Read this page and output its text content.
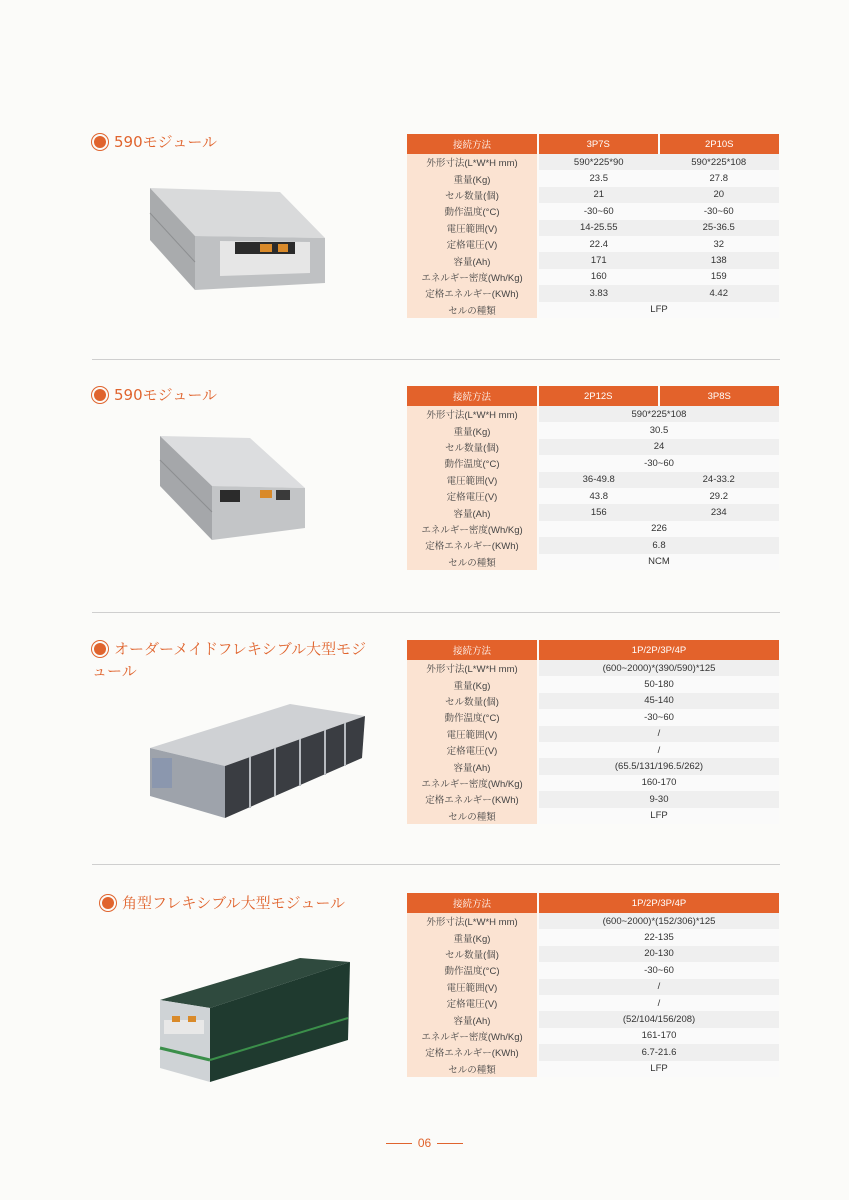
590モジュール	接続方法	3P7S	2P10S
外形寸法(L*W*H mm)	590*225*90	590*225*108
重量(Kg)	23.5	27.8
セル数量(個)	21	20
動作温度(°C)	-30~60	-30~60
電圧範囲(V)	14-25.55	25-36.5
定格電圧(V)	22.4	32
容量(Ah)	171	138
エネルギー密度(Wh/Kg)	160	159
定格エネルギー(KWh)	3.83	4.42
セルの種類	LFP	
590モジュール	接続方法	2P12S	3P8S
外形寸法(L*W*H mm)	590*225*108	
重量(Kg)	30.5	
セル数量(個)	24	
動作温度(°C)	-30~60	
電圧範囲(V)	36-49.8	24-33.2
定格電圧(V)	43.8	29.2
容量(Ah)	156	234
エネルギー密度(Wh/Kg)	226	
定格エネルギー(KWh)	6.8	
セルの種類	NCM	
オーダーメイドフレキシブル大型モジュール
接続方法	1P/2P/3P/4P
外形寸法(L*W*H mm)	(600~2000)*(390/590)*125
重量(Kg)	50-180
セル数量(個)	45-140
動作温度(°C)	-30~60
電圧範囲(V)	/
定格電圧(V)	/
容量(Ah)	(65.5/131/196.5/262)
エネルギー密度(Wh/Kg)	160-170
定格エネルギー(KWh)	9-30
セルの種類	LFP
角型フレキシブル大型モジュール	接続方法	1P/2P/3P/4P
外形寸法(L*W*H mm)	(600~2000)*(152/306)*125
重量(Kg)	22-135
セル数量(個)	20-130
動作温度(°C)	-30~60
電圧範囲(V)	/
定格電圧(V)	/
容量(Ah)	(52/104/156/208)
エネルギー密度(Wh/Kg)	161-170
定格エネルギー(KWh)	6.7-21.6
セルの種類	LFP
06
